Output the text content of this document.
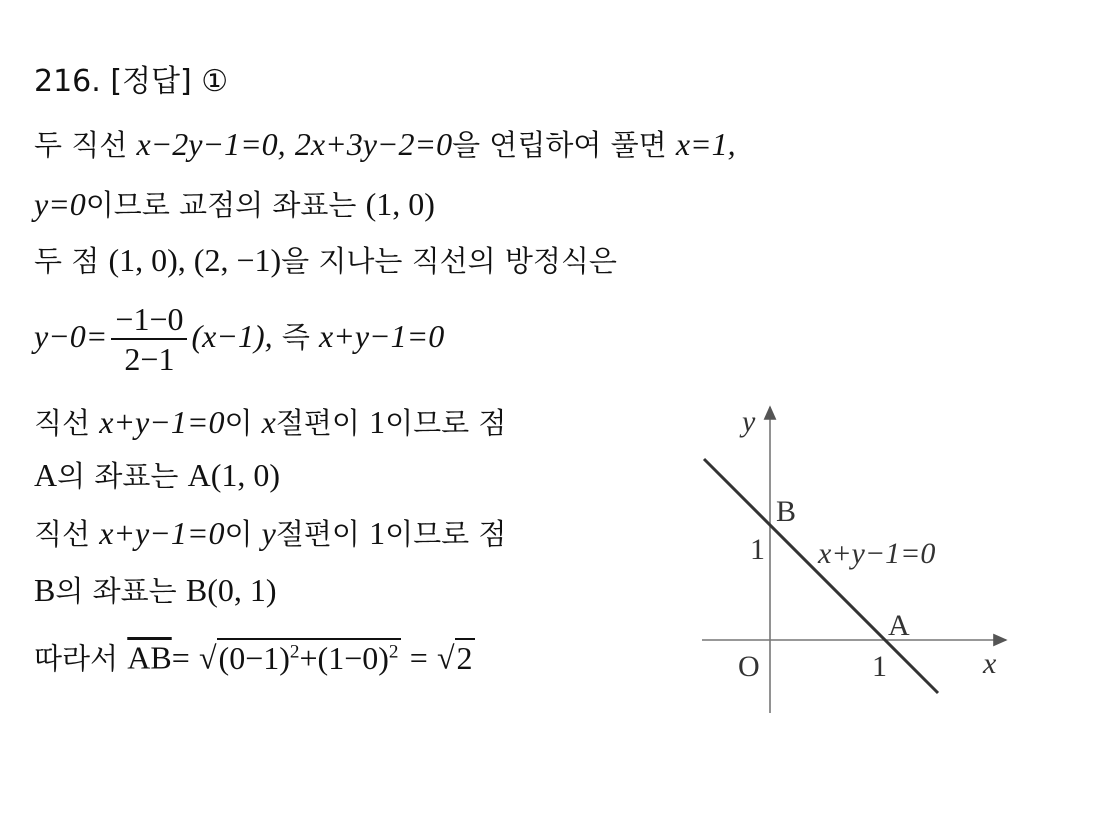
216. [정답] ①
두 직선 x−2y−1=0, 2x+3y−2=0을 연립하여 풀면 x=1,
y=0이므로 교점의 좌표는 (1, 0)
두 점 (1, 0), (2, −1)을 지나는 직선의 방정식은
$y-0= \frac{-1-0}{2-1} (x-1)$, 즉 x+y−1=0
직선 x+y−1=0이 x절편이 1이므로 점
A의 좌표는 A(1, 0)
직선 x+y−1=0이 y절편이 1이므로 점
B의 좌표는 B(0, 1)
따라서 $\overline{AB}= √(0-1)^2+(1-0)^2 = √2$
y
x
O
B
A
1
1
x+y−1=0
